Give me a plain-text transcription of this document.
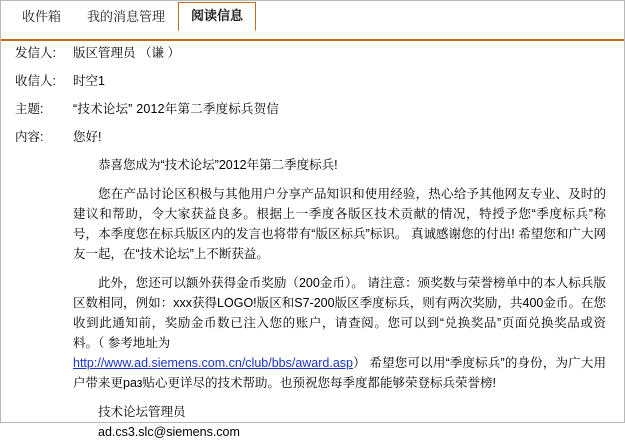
收件箱	我的消息管理	阅读信息
发信人:	版区管理员 （谦 ）
收信人:	时空1
主题:	“技术论坛” 2012年第二季度标兵贺信
内容:	您好!

恭喜您成为“技术论坛”2012年第二季度标兵!

您在产品讨论区积极与其他用户分享产品知识和使用经验，热心给予其他网友专业、及时的建议和帮助，令大家获益良多。根据上一季度各版区技术贡献的情况，特授予您“季度标兵”称号，本季度您在标兵版区内的发言也将带有“版区标兵”标识。 真诚感谢您的付出! 希望您和广大网友一起，在“技术论坛”上不断获益。

此外，您还可以额外获得金币奖励（200金币）。 请注意：颁奖数与荣誉榜单中的本人标兵版区数相同，例如：xxx获得LOGO!版区和S7-200版区季度标兵，则有两次奖励，共400金币。在您收到此通知前，奖励金币数已注入您的账户，请查阅。您可以到“兑换奖品”页面兑换奖品或资料。（ 参考地址为
http://www.ad.siemens.com.cn/club/bbs/award.asp） 希望您可以用“季度标兵”的身份，为广大用户带来更раз贴心更详尽的技术帮助。也预祝您每季度都能够荣登标兵荣誉榜!

技术论坛管理员

ad.cs3.slc@siemens.com
